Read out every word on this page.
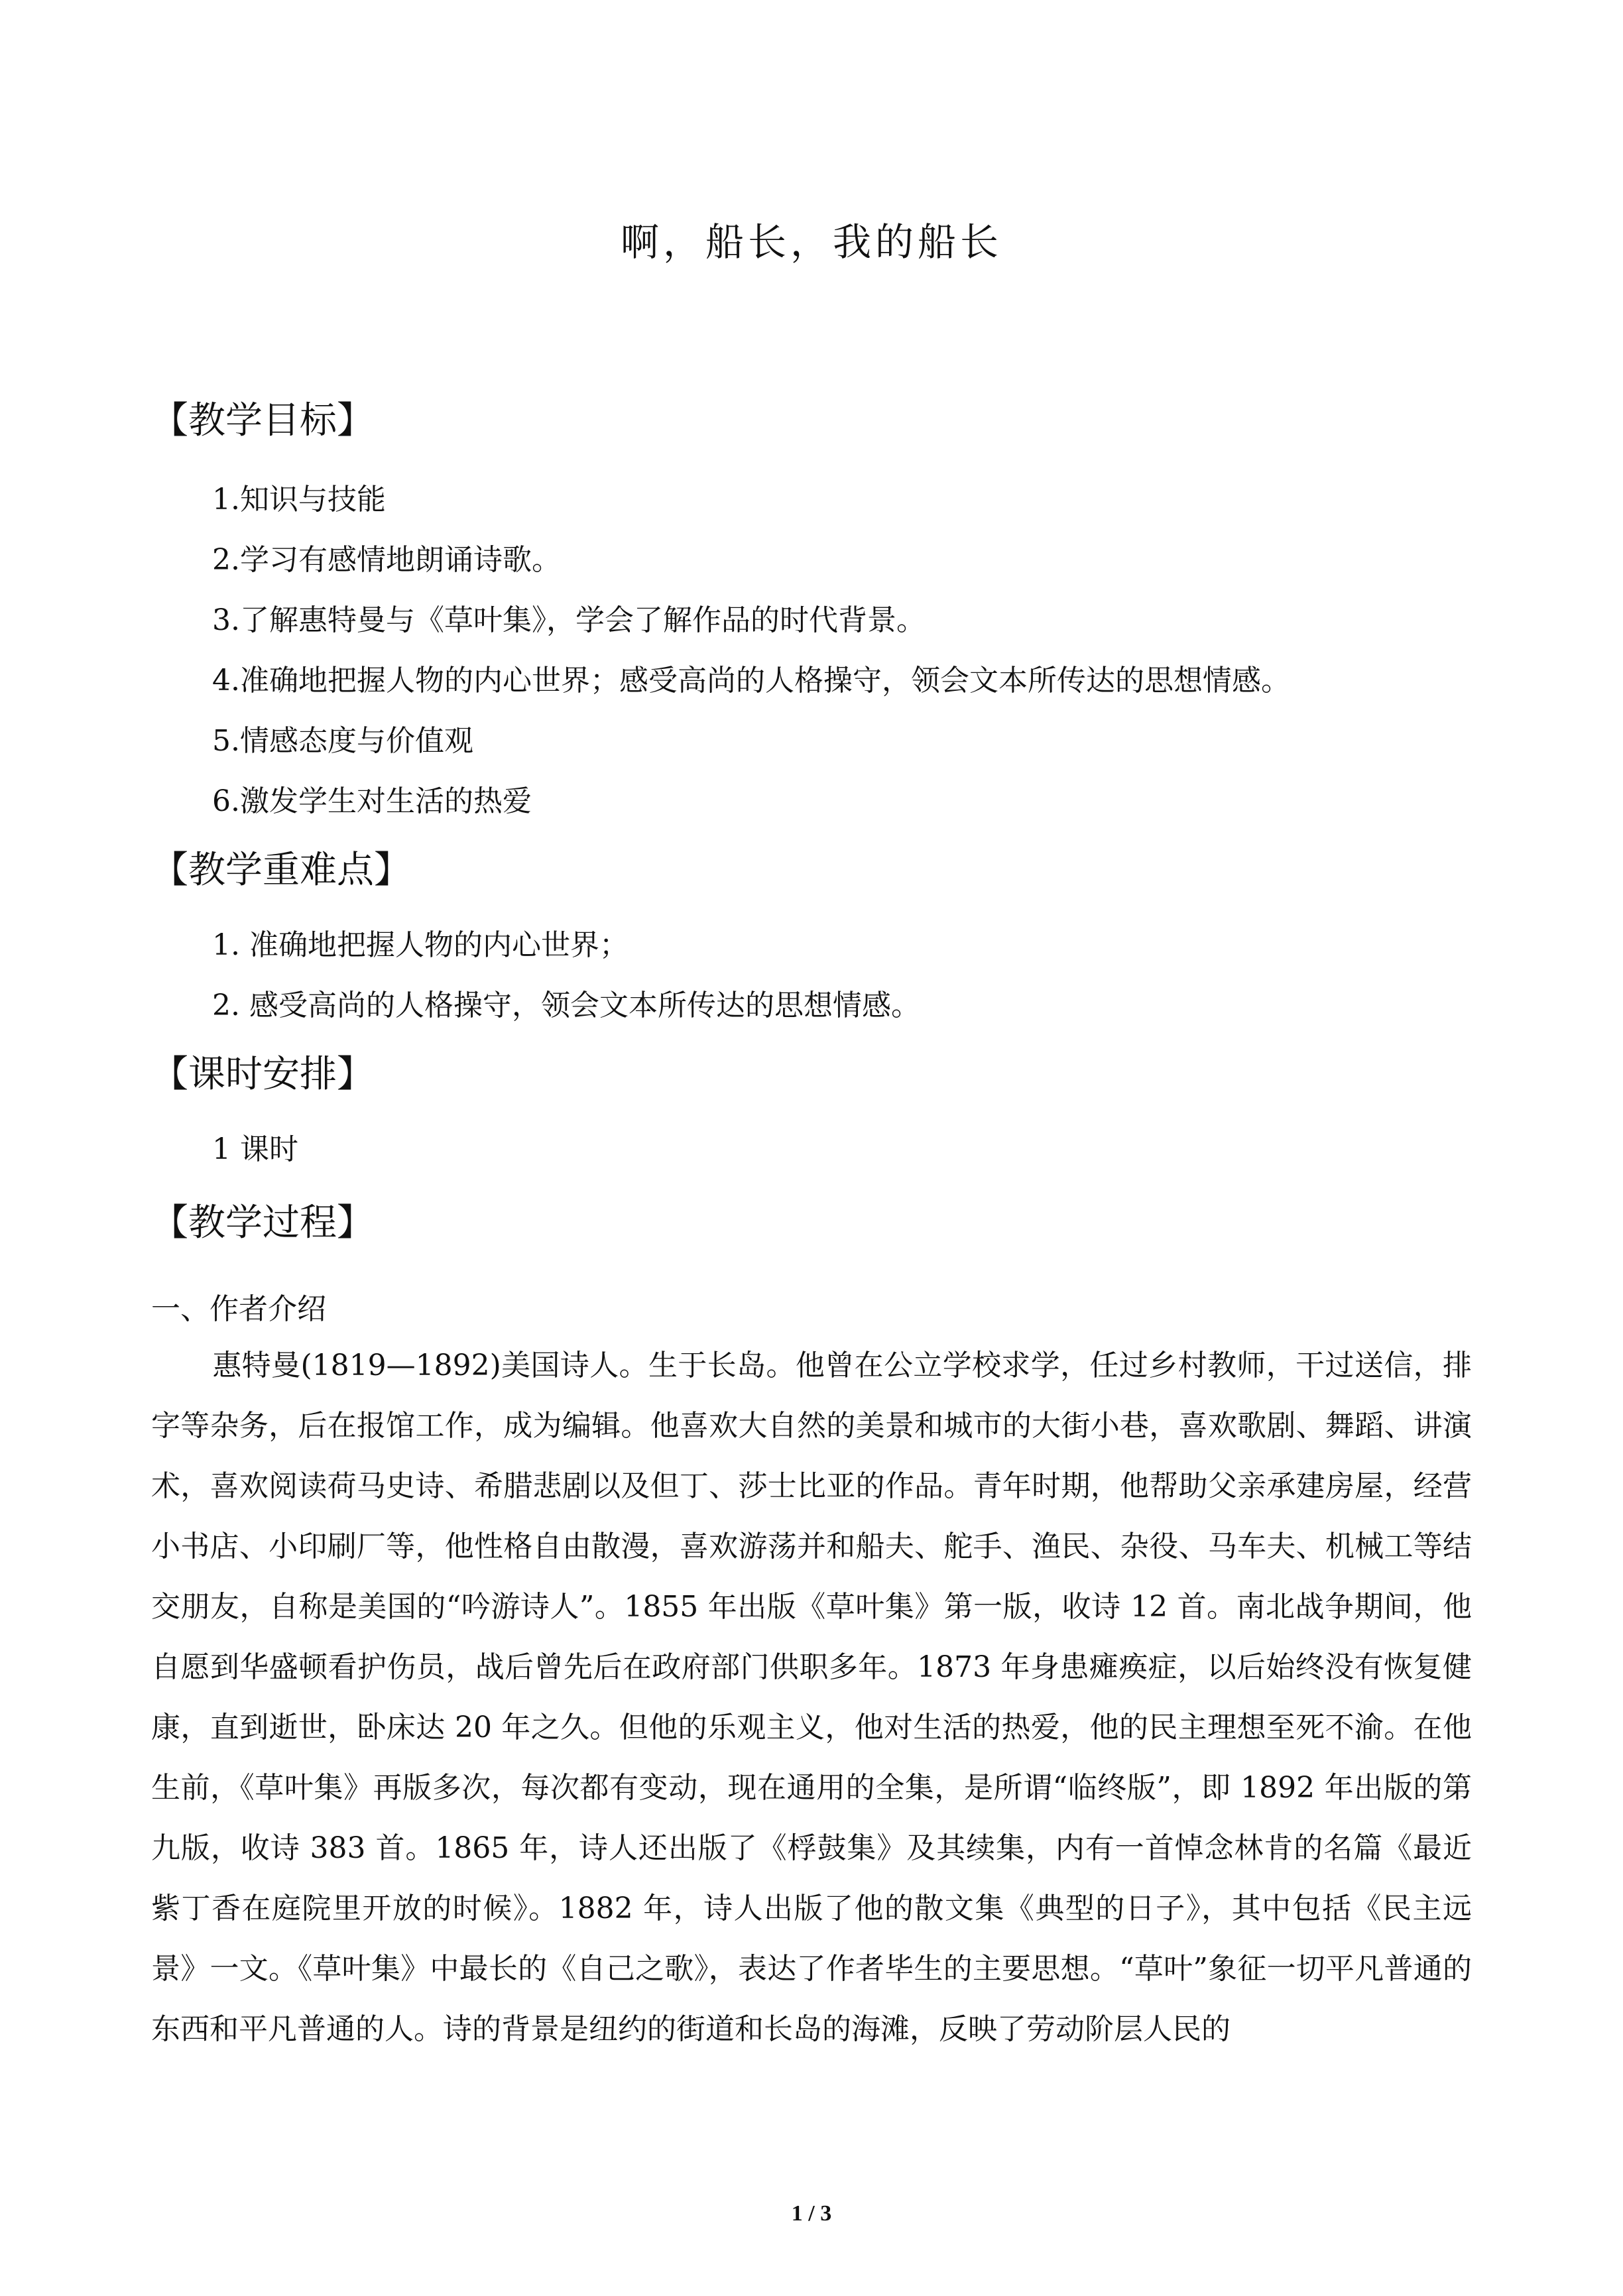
啊，船长，我的船长
【教学目标】
1.知识与技能
2.学习有感情地朗诵诗歌。
3.了解惠特曼与《草叶集》，学会了解作品的时代背景。
4.准确地把握人物的内心世界；感受高尚的人格操守，领会文本所传达的思想情感。
5.情感态度与价值观
6.激发学生对生活的热爱
【教学重难点】
1. 准确地把握人物的内心世界；
2. 感受高尚的人格操守，领会文本所传达的思想情感。
【课时安排】
1 课时
【教学过程】
一、作者介绍
惠特曼(1819—1892)美国诗人。生于长岛。他曾在公立学校求学，任过乡村教师，干过送信，排字等杂务，后在报馆工作，成为编辑。他喜欢大自然的美景和城市的大街小巷，喜欢歌剧、舞蹈、讲演术，喜欢阅读荷马史诗、希腊悲剧以及但丁、莎士比亚的作品。青年时期，他帮助父亲承建房屋，经营小书店、小印刷厂等，他性格自由散漫，喜欢游荡并和船夫、舵手、渔民、杂役、马车夫、机械工等结交朋友，自称是美国的“吟游诗人”。1855 年出版《草叶集》第一版，收诗 12 首。南北战争期间，他自愿到华盛顿看护伤员，战后曾先后在政府部门供职多年。1873 年身患瘫痪症，以后始终没有恢复健康，直到逝世，卧床达 20 年之久。但他的乐观主义，他对生活的热爱，他的民主理想至死不渝。在他生前，《草叶集》再版多次，每次都有变动，现在通用的全集，是所谓“临终版”，即 1892 年出版的第九版，收诗 383 首。1865 年，诗人还出版了《桴鼓集》及其续集，内有一首悼念林肯的名篇《最近紫丁香在庭院里开放的时候》。1882 年，诗人出版了他的散文集《典型的日子》，其中包括《民主远景》一文。《草叶集》中最长的《自己之歌》，表达了作者毕生的主要思想。“草叶”象征一切平凡普通的东西和平凡普通的人。诗的背景是纽约的街道和长岛的海滩，反映了劳动阶层人民的
1 / 3
